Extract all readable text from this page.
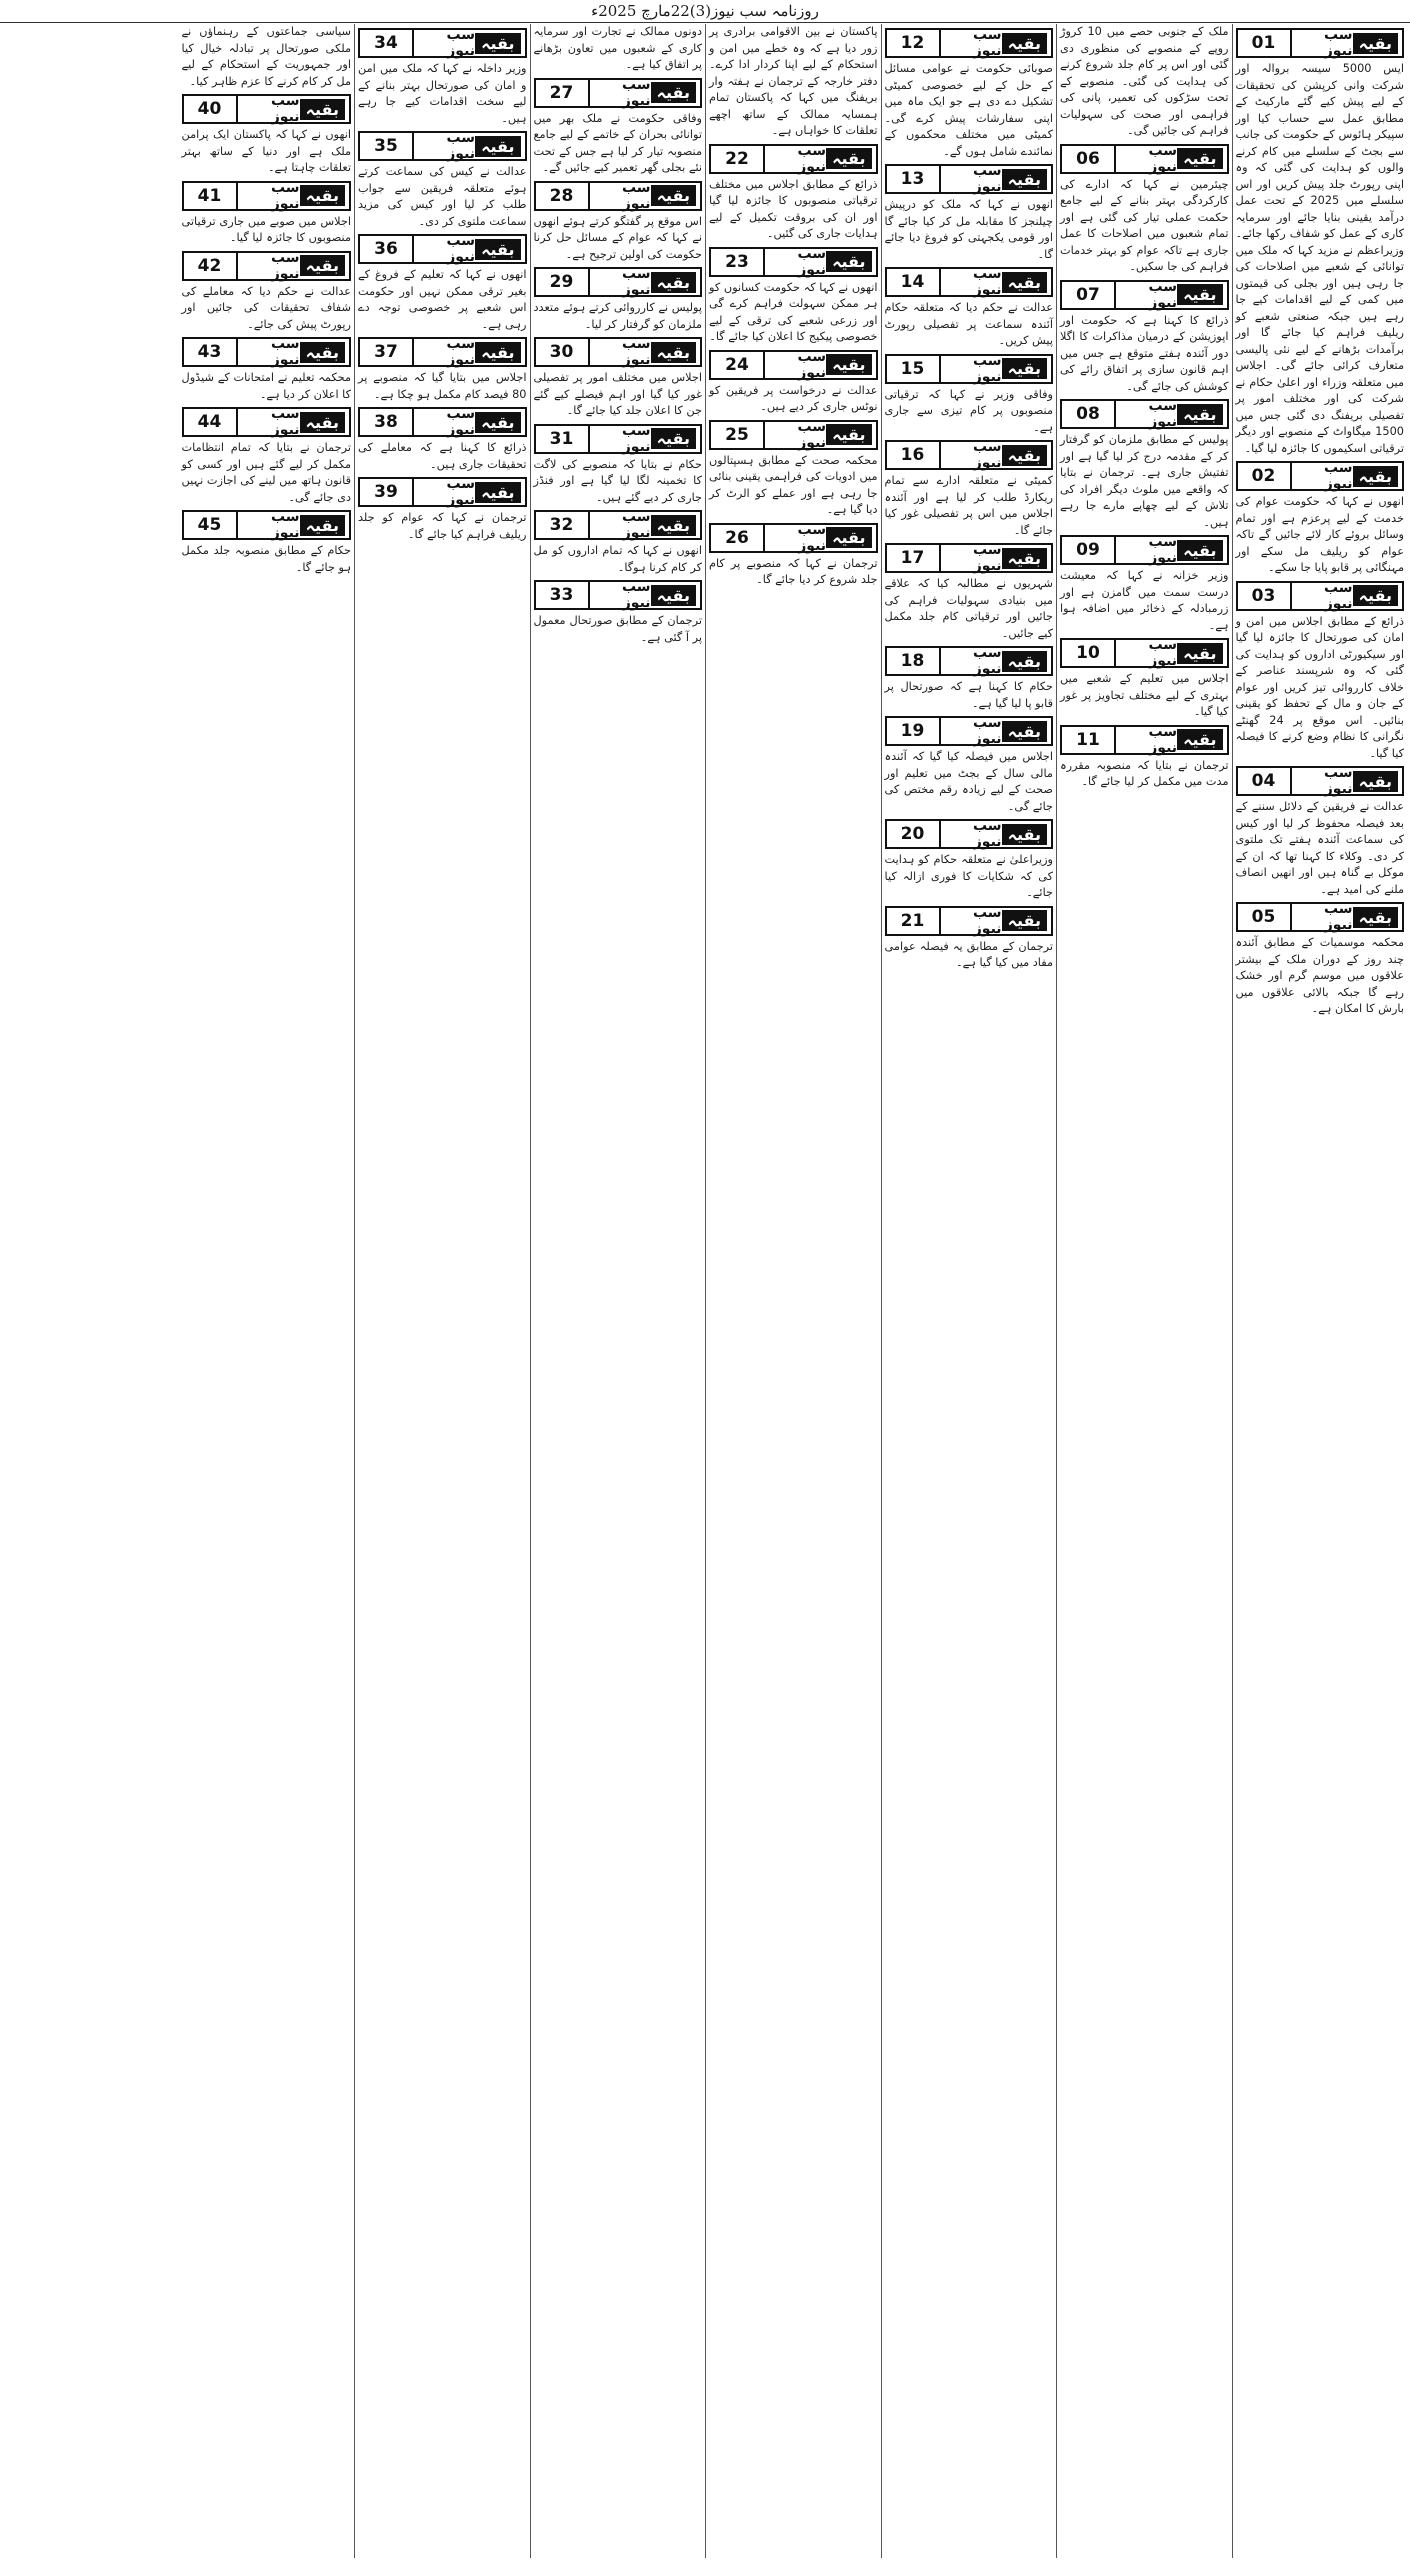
روزنامہ سب نیوز(3)22مارچ 2025ء
01	بقیہ
سب نیوز
ایس 5000 سیسہ بروالہ اور شرکت وانی کرپشن کی تحقیقات کے لیے پیش کیے گئے مارکیٹ کے مطابق عمل سے حساب کیا اور سپیکر ہائوس کے حکومت کی جانب سے بجٹ کے سلسلے میں کام کرنے والوں کو ہدایت کی گئی کہ وہ اپنی رپورٹ جلد پیش کریں اور اس سلسلے میں 2025 کے تحت عمل درآمد یقینی بنایا جائے اور سرمایہ کاری کے عمل کو شفاف رکھا جائے۔ وزیراعظم نے مزید کہا کہ ملک میں توانائی کے شعبے میں اصلاحات کی جا رہی ہیں اور بجلی کی قیمتوں میں کمی کے لیے اقدامات کیے جا رہے ہیں جبکہ صنعتی شعبے کو ریلیف فراہم کیا جائے گا اور برآمدات بڑھانے کے لیے نئی پالیسی متعارف کرائی جائے گی۔ اجلاس میں متعلقہ وزراء اور اعلیٰ حکام نے شرکت کی اور مختلف امور پر تفصیلی بریفنگ دی گئی جس میں 1500 میگاواٹ کے منصوبے اور دیگر ترقیاتی اسکیموں کا جائزہ لیا گیا۔
02	بقیہ
سب نیوز
انھوں نے کہا کہ حکومت عوام کی خدمت کے لیے پرعزم ہے اور تمام وسائل بروئے کار لائے جائیں گے تاکہ عوام کو ریلیف مل سکے اور مہنگائی پر قابو پایا جا سکے۔
03	بقیہ
سب نیوز
ذرائع کے مطابق اجلاس میں امن و امان کی صورتحال کا جائزہ لیا گیا اور سیکیورٹی اداروں کو ہدایت کی گئی کہ وہ شرپسند عناصر کے خلاف کارروائی تیز کریں اور عوام کے جان و مال کے تحفظ کو یقینی بنائیں۔ اس موقع پر 24 گھنٹے نگرانی کا نظام وضع کرنے کا فیصلہ کیا گیا۔
04	بقیہ
سب نیوز
عدالت نے فریقین کے دلائل سننے کے بعد فیصلہ محفوظ کر لیا اور کیس کی سماعت آئندہ ہفتے تک ملتوی کر دی۔ وکلاء کا کہنا تھا کہ ان کے موکل بے گناہ ہیں اور انھیں انصاف ملنے کی امید ہے۔
05	بقیہ
سب نیوز
محکمہ موسمیات کے مطابق آئندہ چند روز کے دوران ملک کے بیشتر علاقوں میں موسم گرم اور خشک رہے گا جبکہ بالائی علاقوں میں بارش کا امکان ہے۔
ملک کے جنوبی حصے میں 10 کروڑ روپے کے منصوبے کی منظوری دی گئی اور اس پر کام جلد شروع کرنے کی ہدایت کی گئی۔ منصوبے کے تحت سڑکوں کی تعمیر، پانی کی فراہمی اور صحت کی سہولیات فراہم کی جائیں گی۔
06	بقیہ
سب نیوز
چیئرمین نے کہا کہ ادارے کی کارکردگی بہتر بنانے کے لیے جامع حکمت عملی تیار کی گئی ہے اور تمام شعبوں میں اصلاحات کا عمل جاری ہے تاکہ عوام کو بہتر خدمات فراہم کی جا سکیں۔
07	بقیہ
سب نیوز
ذرائع کا کہنا ہے کہ حکومت اور اپوزیشن کے درمیان مذاکرات کا اگلا دور آئندہ ہفتے متوقع ہے جس میں اہم قانون سازی پر اتفاق رائے کی کوشش کی جائے گی۔
08	بقیہ
سب نیوز
پولیس کے مطابق ملزمان کو گرفتار کر کے مقدمہ درج کر لیا گیا ہے اور تفتیش جاری ہے۔ ترجمان نے بتایا کہ واقعے میں ملوث دیگر افراد کی تلاش کے لیے چھاپے مارے جا رہے ہیں۔
09	بقیہ
سب نیوز
وزیر خزانہ نے کہا کہ معیشت درست سمت میں گامزن ہے اور زرمبادلہ کے ذخائر میں اضافہ ہوا ہے۔
10	بقیہ
سب نیوز
اجلاس میں تعلیم کے شعبے میں بہتری کے لیے مختلف تجاویز پر غور کیا گیا۔
11	بقیہ
سب نیوز
ترجمان نے بتایا کہ منصوبہ مقررہ مدت میں مکمل کر لیا جائے گا۔
12	بقیہ
سب نیوز
صوبائی حکومت نے عوامی مسائل کے حل کے لیے خصوصی کمیٹی تشکیل دے دی ہے جو ایک ماہ میں اپنی سفارشات پیش کرے گی۔ کمیٹی میں مختلف محکموں کے نمائندے شامل ہوں گے۔
13	بقیہ
سب نیوز
انھوں نے کہا کہ ملک کو درپیش چیلنجز کا مقابلہ مل کر کیا جائے گا اور قومی یکجہتی کو فروغ دیا جائے گا۔
14	بقیہ
سب نیوز
عدالت نے حکم دیا کہ متعلقہ حکام آئندہ سماعت پر تفصیلی رپورٹ پیش کریں۔
15	بقیہ
سب نیوز
وفاقی وزیر نے کہا کہ ترقیاتی منصوبوں پر کام تیزی سے جاری ہے۔
16	بقیہ
سب نیوز
کمیٹی نے متعلقہ ادارے سے تمام ریکارڈ طلب کر لیا ہے اور آئندہ اجلاس میں اس پر تفصیلی غور کیا جائے گا۔
17	بقیہ
سب نیوز
شہریوں نے مطالبہ کیا کہ علاقے میں بنیادی سہولیات فراہم کی جائیں اور ترقیاتی کام جلد مکمل کیے جائیں۔
18	بقیہ
سب نیوز
حکام کا کہنا ہے کہ صورتحال پر قابو پا لیا گیا ہے۔
19	بقیہ
سب نیوز
اجلاس میں فیصلہ کیا گیا کہ آئندہ مالی سال کے بجٹ میں تعلیم اور صحت کے لیے زیادہ رقم مختص کی جائے گی۔
20	بقیہ
سب نیوز
وزیراعلیٰ نے متعلقہ حکام کو ہدایت کی کہ شکایات کا فوری ازالہ کیا جائے۔
21	بقیہ
سب نیوز
ترجمان کے مطابق یہ فیصلہ عوامی مفاد میں کیا گیا ہے۔
پاکستان نے بین الاقوامی برادری پر زور دیا ہے کہ وہ خطے میں امن و استحکام کے لیے اپنا کردار ادا کرے۔ دفتر خارجہ کے ترجمان نے ہفتہ وار بریفنگ میں کہا کہ پاکستان تمام ہمسایہ ممالک کے ساتھ اچھے تعلقات کا خواہاں ہے۔
22	بقیہ
سب نیوز
ذرائع کے مطابق اجلاس میں مختلف ترقیاتی منصوبوں کا جائزہ لیا گیا اور ان کی بروقت تکمیل کے لیے ہدایات جاری کی گئیں۔
23	بقیہ
سب نیوز
انھوں نے کہا کہ حکومت کسانوں کو ہر ممکن سہولت فراہم کرے گی اور زرعی شعبے کی ترقی کے لیے خصوصی پیکیج کا اعلان کیا جائے گا۔
24	بقیہ
سب نیوز
عدالت نے درخواست پر فریقین کو نوٹس جاری کر دیے ہیں۔
25	بقیہ
سب نیوز
محکمہ صحت کے مطابق ہسپتالوں میں ادویات کی فراہمی یقینی بنائی جا رہی ہے اور عملے کو الرٹ کر دیا گیا ہے۔
26	بقیہ
سب نیوز
ترجمان نے کہا کہ منصوبے پر کام جلد شروع کر دیا جائے گا۔
دونوں ممالک نے تجارت اور سرمایہ کاری کے شعبوں میں تعاون بڑھانے پر اتفاق کیا ہے۔
27	بقیہ
سب نیوز
وفاقی حکومت نے ملک بھر میں توانائی بحران کے خاتمے کے لیے جامع منصوبہ تیار کر لیا ہے جس کے تحت نئے بجلی گھر تعمیر کیے جائیں گے۔
28	بقیہ
سب نیوز
اس موقع پر گفتگو کرتے ہوئے انھوں نے کہا کہ عوام کے مسائل حل کرنا حکومت کی اولین ترجیح ہے۔
29	بقیہ
سب نیوز
پولیس نے کارروائی کرتے ہوئے متعدد ملزمان کو گرفتار کر لیا۔
30	بقیہ
سب نیوز
اجلاس میں مختلف امور پر تفصیلی غور کیا گیا اور اہم فیصلے کیے گئے جن کا اعلان جلد کیا جائے گا۔
31	بقیہ
سب نیوز
حکام نے بتایا کہ منصوبے کی لاگت کا تخمینہ لگا لیا گیا ہے اور فنڈز جاری کر دیے گئے ہیں۔
32	بقیہ
سب نیوز
انھوں نے کہا کہ تمام اداروں کو مل کر کام کرنا ہوگا۔
33	بقیہ
سب نیوز
ترجمان کے مطابق صورتحال معمول پر آ گئی ہے۔
34	بقیہ
سب نیوز
وزیر داخلہ نے کہا کہ ملک میں امن و امان کی صورتحال بہتر بنانے کے لیے سخت اقدامات کیے جا رہے ہیں۔
35	بقیہ
سب نیوز
عدالت نے کیس کی سماعت کرتے ہوئے متعلقہ فریقین سے جواب طلب کر لیا اور کیس کی مزید سماعت ملتوی کر دی۔
36	بقیہ
سب نیوز
انھوں نے کہا کہ تعلیم کے فروغ کے بغیر ترقی ممکن نہیں اور حکومت اس شعبے پر خصوصی توجہ دے رہی ہے۔
37	بقیہ
سب نیوز
اجلاس میں بتایا گیا کہ منصوبے پر 80 فیصد کام مکمل ہو چکا ہے۔
38	بقیہ
سب نیوز
ذرائع کا کہنا ہے کہ معاملے کی تحقیقات جاری ہیں۔
39	بقیہ
سب نیوز
ترجمان نے کہا کہ عوام کو جلد ریلیف فراہم کیا جائے گا۔
سیاسی جماعتوں کے رہنماؤں نے ملکی صورتحال پر تبادلہ خیال کیا اور جمہوریت کے استحکام کے لیے مل کر کام کرنے کا عزم ظاہر کیا۔
40	بقیہ
سب نیوز
انھوں نے کہا کہ پاکستان ایک پرامن ملک ہے اور دنیا کے ساتھ بہتر تعلقات چاہتا ہے۔
41	بقیہ
سب نیوز
اجلاس میں صوبے میں جاری ترقیاتی منصوبوں کا جائزہ لیا گیا۔
42	بقیہ
سب نیوز
عدالت نے حکم دیا کہ معاملے کی شفاف تحقیقات کی جائیں اور رپورٹ پیش کی جائے۔
43	بقیہ
سب نیوز
محکمہ تعلیم نے امتحانات کے شیڈول کا اعلان کر دیا ہے۔
44	بقیہ
سب نیوز
ترجمان نے بتایا کہ تمام انتظامات مکمل کر لیے گئے ہیں اور کسی کو قانون ہاتھ میں لینے کی اجازت نہیں دی جائے گی۔
45	بقیہ
سب نیوز
حکام کے مطابق منصوبہ جلد مکمل ہو جائے گا۔
